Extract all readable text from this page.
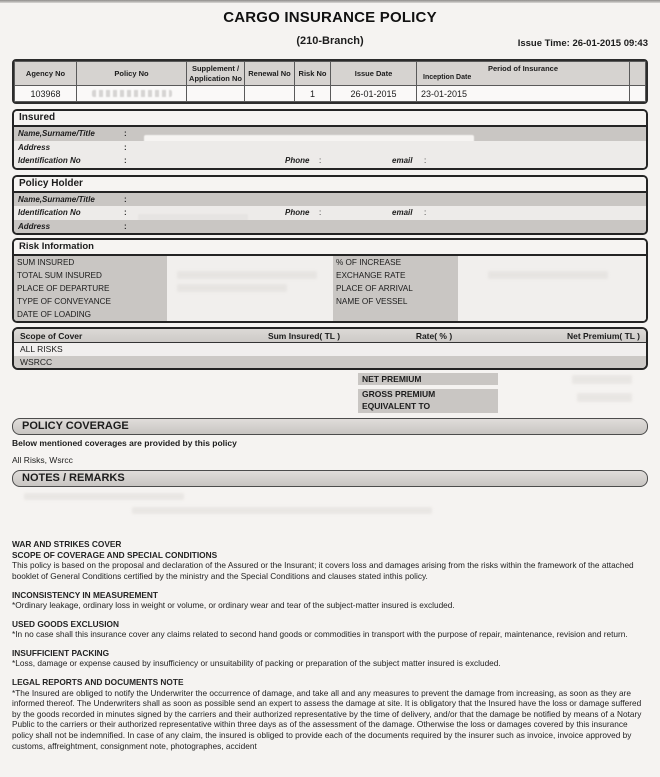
CARGO INSURANCE POLICY
(210-Branch)	Issue Time: 26-01-2015 09:43
Agency No	Policy No	Supplement / Application No	Renewal No	Risk No	Issue Date	Period of Insurance
Inception Date	

103968				1	26-01-2015	23-01-2015	
Insured
Name,Surname/Title	:
Address	:
Identification No	:	Phone :	email :
Policy Holder
Name,Surname/Title	:
Identification No	:	Phone :	email :
Address	:
Risk Information
SUM INSURED	% OF INCREASE
TOTAL SUM INSURED	EXCHANGE RATE
PLACE OF DEPARTURE	PLACE OF ARRIVAL
TYPE OF CONVEYANCE	NAME OF VESSEL
DATE OF LOADING
Scope of Cover	Sum Insured( TL )	Rate( % )	Net Premium( TL )
ALL RISKS
WSRCC
NET PREMIUM
GROSS PREMIUM
EQUIVALENT TO
POLICY COVERAGE
Below mentioned coverages are provided by this policy
All Risks, Wsrcc
NOTES / REMARKS
WAR AND STRIKES COVER
SCOPE OF COVERAGE AND SPECIAL CONDITIONS
This policy is based on the proposal and declaration of the Assured or the Insurant; it covers loss and damages arising from the risks within the framework of the attached booklet of General Conditions certified by the ministry and the Special Conditions and clauses stated inthis policy.
INCONSISTENCY IN MEASUREMENT
*Ordinary leakage, ordinary loss in weight or volume, or ordinary wear and tear of the subject-matter insured is excluded.
USED GOODS EXCLUSION
*In no case shall this insurance cover any claims related to second hand goods or commodities in transport with the purpose of repair, maintenance, revision and return.
INSUFFICIENT PACKING
*Loss, damage or expense caused by insufficiency or unsuitability of packing or preparation of the subject matter insured is excluded.
LEGAL REPORTS AND DOCUMENTS NOTE
*The Insured are obliged to notify the Underwriter the occurrence of damage, and take all and any measures to prevent the damage from increasing, as soon as they are informed thereof. The Underwriters shall as soon as possible send an expert to assess the damage at site. It is obligatory that the Insured have the loss or damage suffered by the goods recorded in minutes signed by the carriers and their authorized representative by the time of delivery, and/or that the damage be notified by means of a Notary Public to the carriers or their authorized representative within three days as of the assessment of the damage. Otherwise the loss or damages covered by this insurance policy shall not be indemnified. In case of any claim, the insured is obliged to provide each of the documents required by the insurer such as invoice, invoice approved by customs, affreightment, consignment note, photographes, accident
